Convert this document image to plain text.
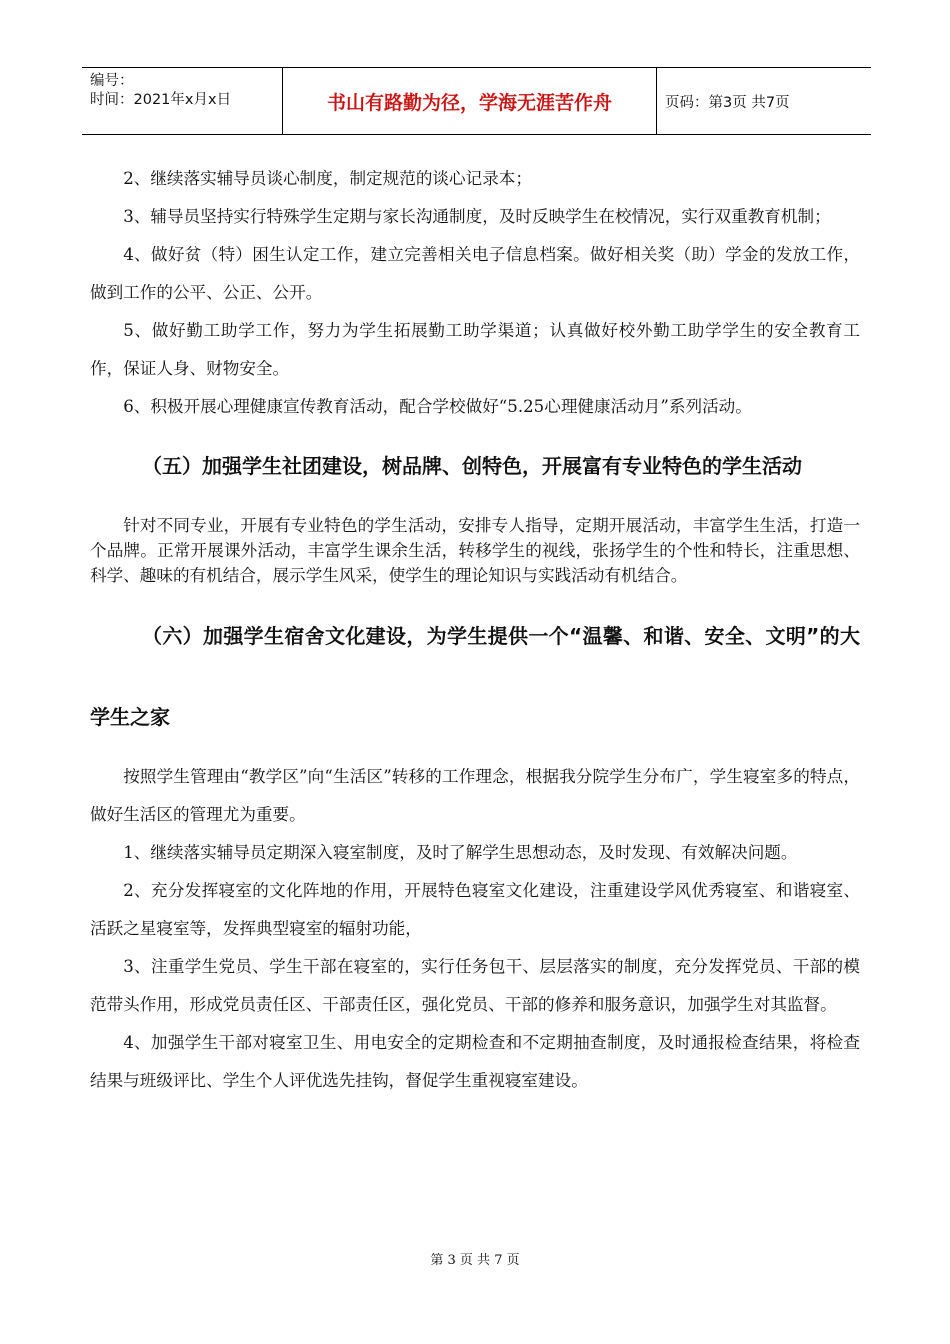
编号：
时间：2021年x月x日	书山有路勤为径，学海无涯苦作舟	页码：第3页 共7页

2、继续落实辅导员谈心制度，制定规范的谈心记录本；

3、辅导员坚持实行特殊学生定期与家长沟通制度，及时反映学生在校情况，实行双重教育机制；

4、做好贫（特）困生认定工作，建立完善相关电子信息档案。做好相关奖（助）学金的发放工作，做到工作的公平、公正、公开。

5、做好勤工助学工作，努力为学生拓展勤工助学渠道；认真做好校外勤工助学学生的安全教育工作，保证人身、财物安全。

6、积极开展心理健康宣传教育活动，配合学校做好“5.25心理健康活动月”系列活动。

（五）加强学生社团建设，树品牌、创特色，开展富有专业特色的学生活动

针对不同专业，开展有专业特色的学生活动，安排专人指导，定期开展活动，丰富学生生活，打造一个品牌。正常开展课外活动，丰富学生课余生活，转移学生的视线，张扬学生的个性和特长，注重思想、科学、趣味的有机结合，展示学生风采，使学生的理论知识与实践活动有机结合。

（六）加强学生宿舍文化建设，为学生提供一个“温馨、和谐、安全、文明”的大学生之家

按照学生管理由“教学区”向“生活区”转移的工作理念，根据我分院学生分布广，学生寝室多的特点，做好生活区的管理尤为重要。

1、继续落实辅导员定期深入寝室制度，及时了解学生思想动态，及时发现、有效解决问题。

2、充分发挥寝室的文化阵地的作用，开展特色寝室文化建设，注重建设学风优秀寝室、和谐寝室、活跃之星寝室等，发挥典型寝室的辐射功能，

3、注重学生党员、学生干部在寝室的，实行任务包干、层层落实的制度，充分发挥党员、干部的模范带头作用，形成党员责任区、干部责任区，强化党员、干部的修养和服务意识，加强学生对其监督。

4、加强学生干部对寝室卫生、用电安全的定期检查和不定期抽查制度，及时通报检查结果，将检查结果与班级评比、学生个人评优选先挂钩，督促学生重视寝室建设。

第 3 页 共 7 页
